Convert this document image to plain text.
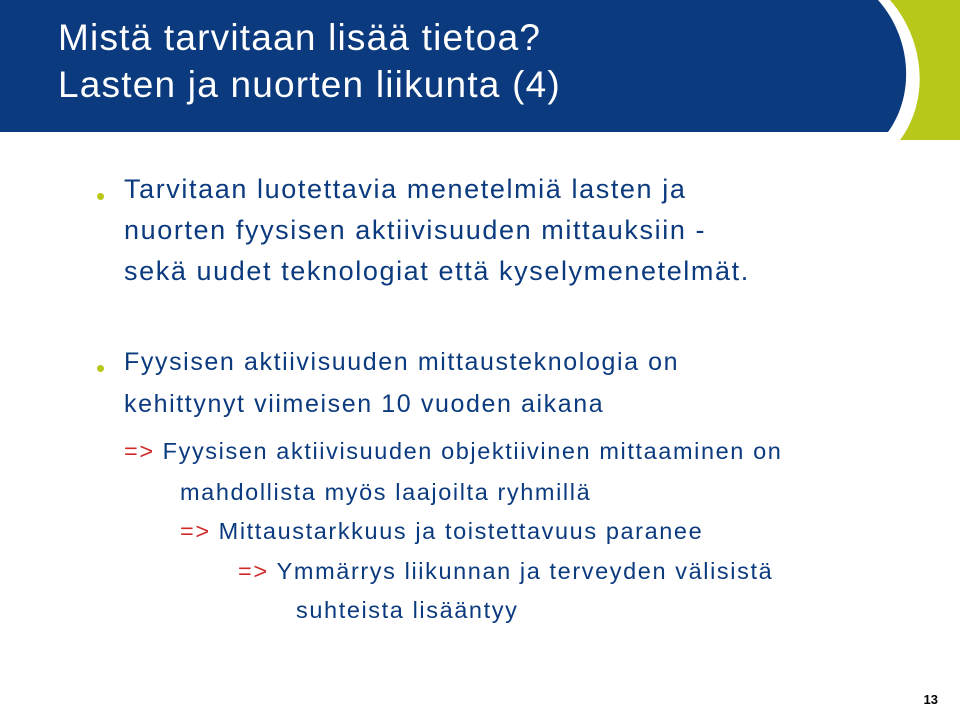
Mistä tarvitaan lisää tietoa?
Lasten ja nuorten liikunta (4)
• Tarvitaan luotettavia menetelmiä lasten ja
nuorten fyysisen aktiivisuuden mittauksiin -
sekä uudet teknologiat että kyselymenetelmät.
• Fyysisen aktiivisuuden mittausteknologia on
kehittynyt viimeisen 10 vuoden aikana
=> Fyysisen aktiivisuuden objektiivinen mittaaminen on
mahdollista myös laajoilta ryhmillä
=> Mittaustarkkuus ja toistettavuus paranee
=> Ymmärrys liikunnan ja terveyden välisistä
suhteista lisääntyy
13
